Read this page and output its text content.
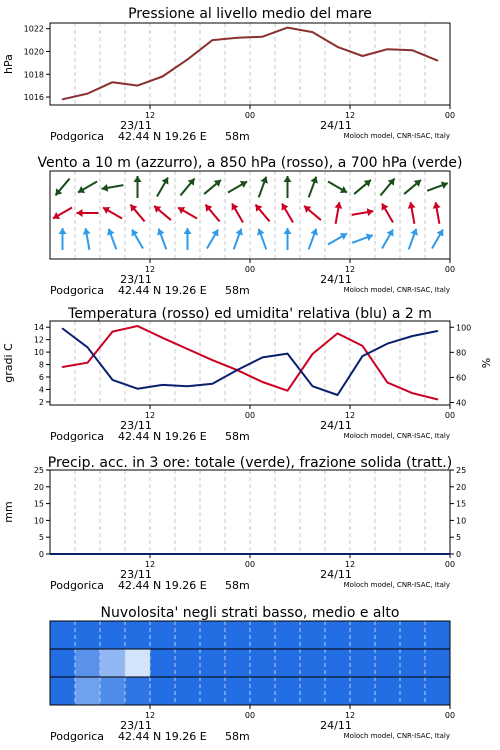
Pressione al livello medio del mare
12	00	12	00
23/11	24/11
Podgorica 42.44 N 19.26 E 58m	Moloch model, CNR-ISAC, Italy
1016
1018
1020
1022
hPa
Vento a 10 m (azzurro), a 850 hPa (rosso), a 700 hPa (verde)
12	00	12	00
23/11	24/11
Podgorica 42.44 N 19.26 E 58m	Moloch model, CNR-ISAC, Italy
Temperatura (rosso) ed umidita' relativa (blu) a 2 m
12	00	12	00
23/11	24/11
Podgorica 42.44 N 19.26 E 58m	Moloch model, CNR-ISAC, Italy
2
4
6
8
10
12
14
40
60
80
100
gradi C	%
Precip. acc. in 3 ore: totale (verde), frazione solida (tratt.)
12	00	12	00
23/11	24/11
Podgorica 42.44 N 19.26 E 58m	Moloch model, CNR-ISAC, Italy
0
5
10
15
20
25
0
5
10
15
20
25
mm
Nuvolosita' negli strati basso, medio e alto
12	00	12	00
23/11	24/11
Podgorica 42.44 N 19.26 E 58m	Moloch model, CNR-ISAC, Italy
